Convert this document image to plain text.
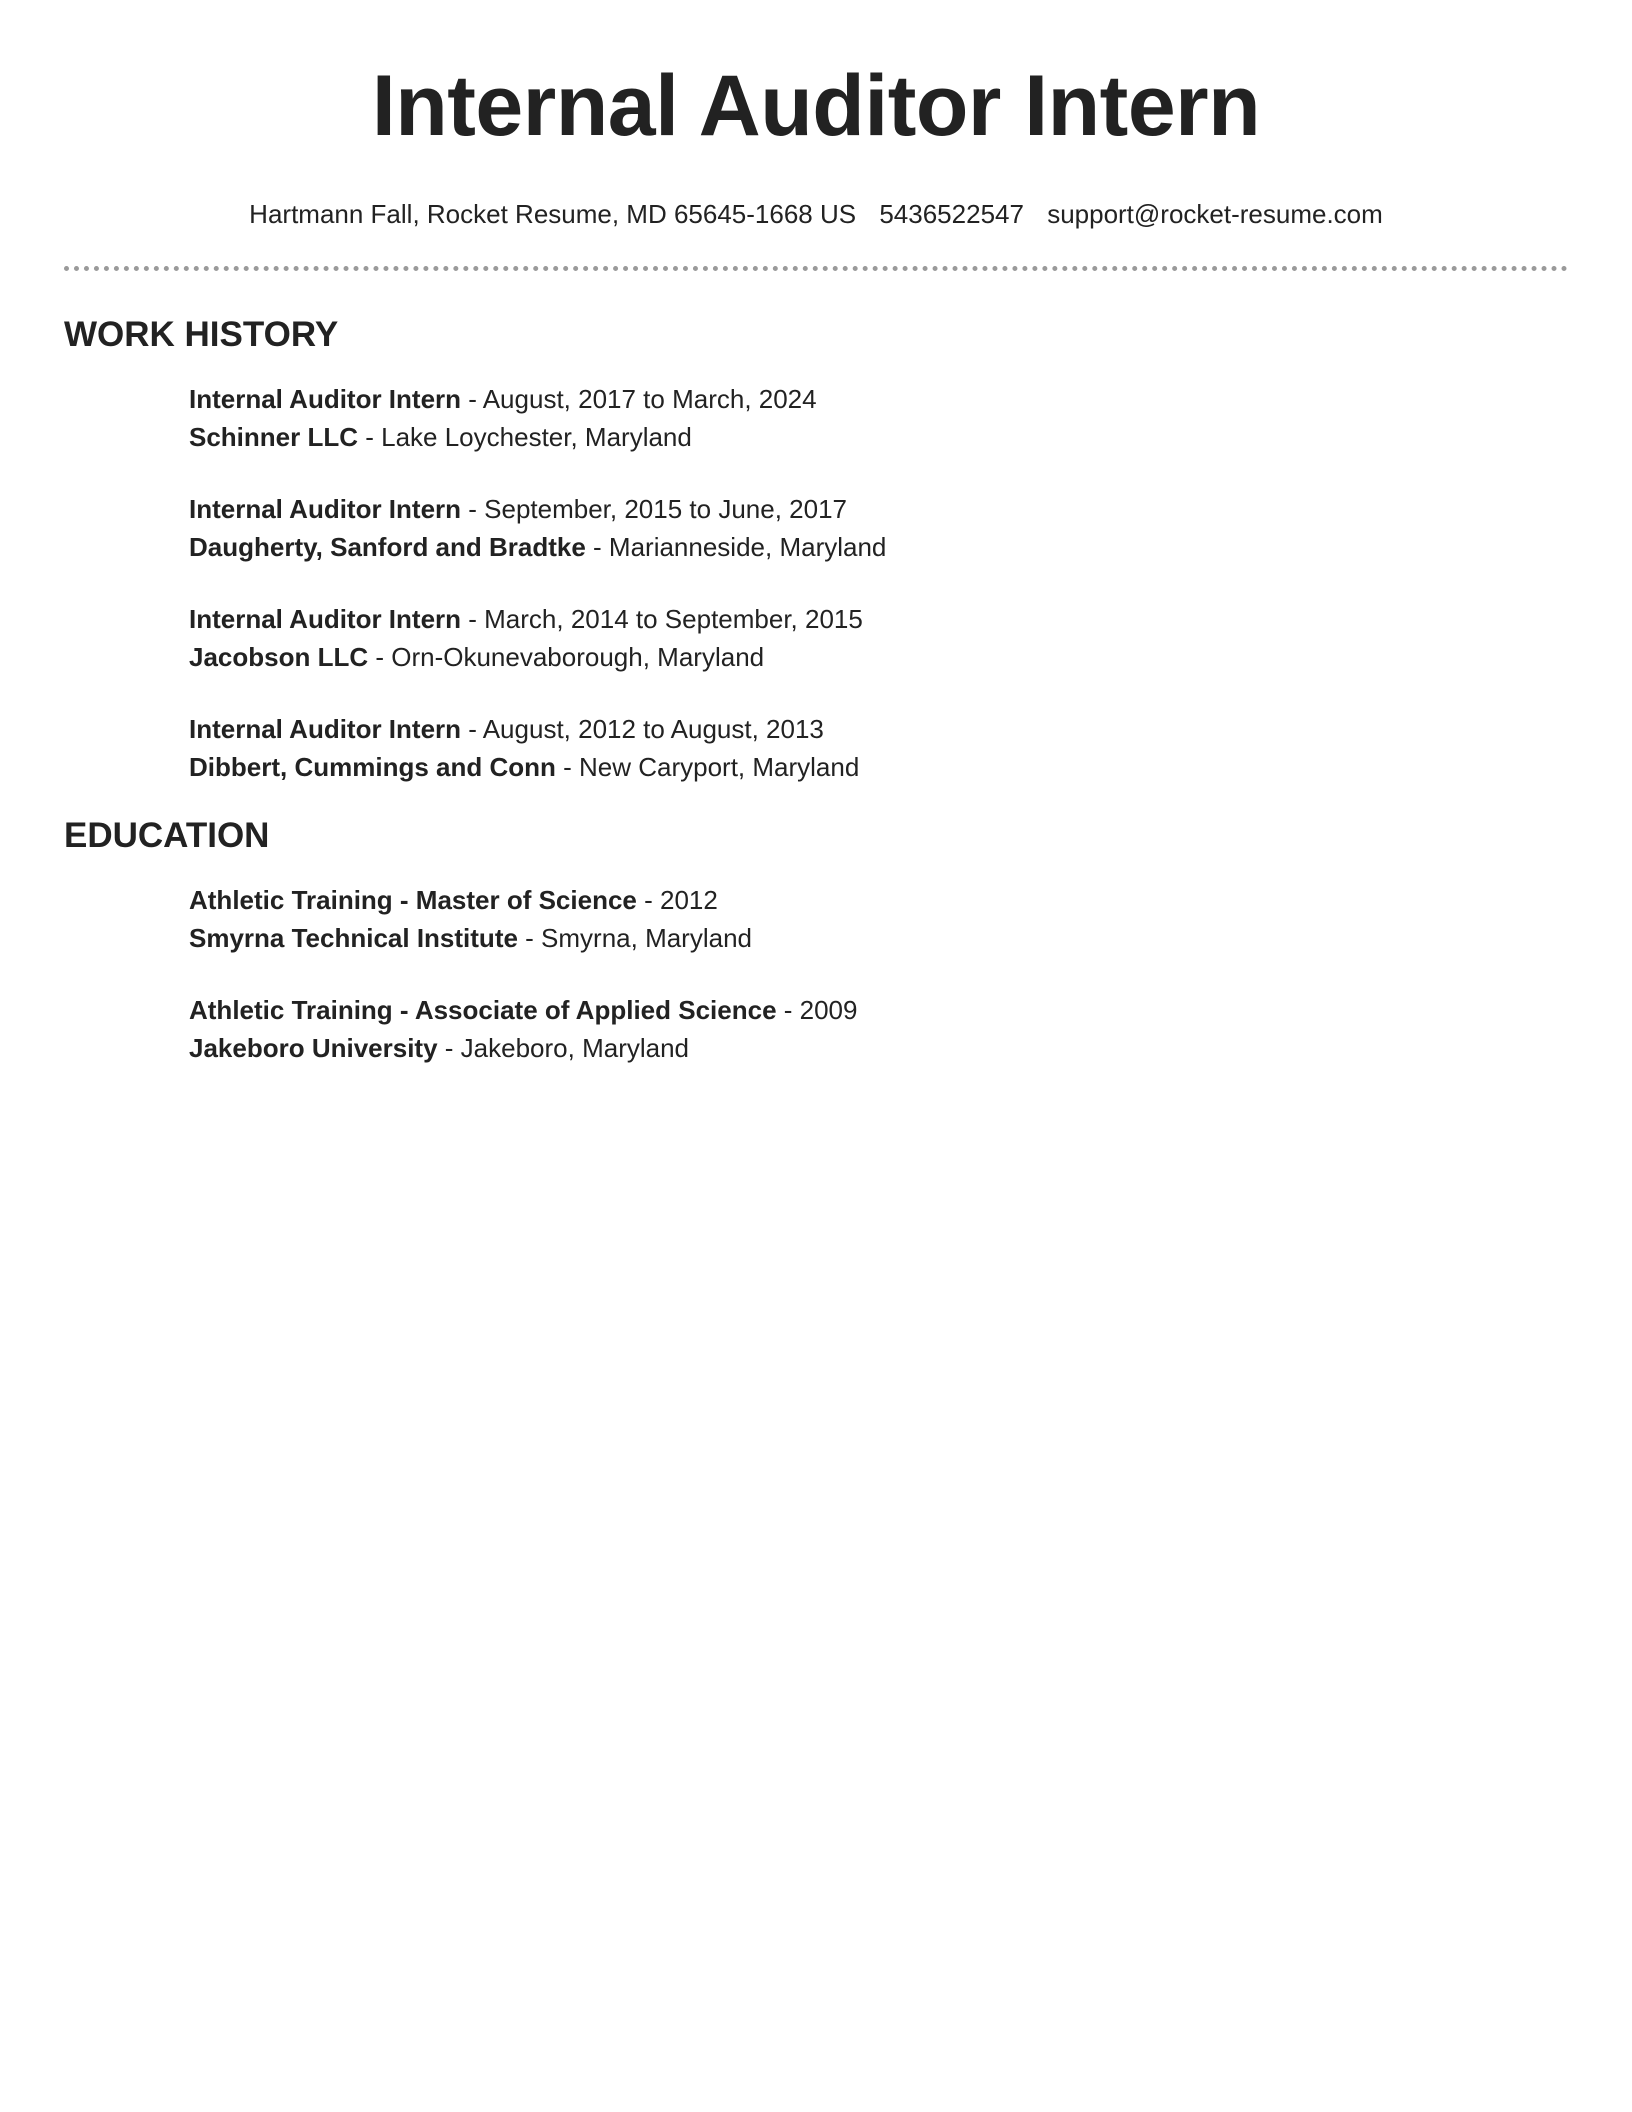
Internal Auditor Intern
Hartmann Fall, Rocket Resume, MD 65645-1668 US 5436522547 support@rocket-resume.com
WORK HISTORY
Internal Auditor Intern - August, 2017 to March, 2024
Schinner LLC - Lake Loychester, Maryland
Internal Auditor Intern - September, 2015 to June, 2017
Daugherty, Sanford and Bradtke - Marianneside, Maryland
Internal Auditor Intern - March, 2014 to September, 2015
Jacobson LLC - Orn-Okunevaborough, Maryland
Internal Auditor Intern - August, 2012 to August, 2013
Dibbert, Cummings and Conn - New Caryport, Maryland
EDUCATION
Athletic Training - Master of Science - 2012
Smyrna Technical Institute - Smyrna, Maryland
Athletic Training - Associate of Applied Science - 2009
Jakeboro University - Jakeboro, Maryland
